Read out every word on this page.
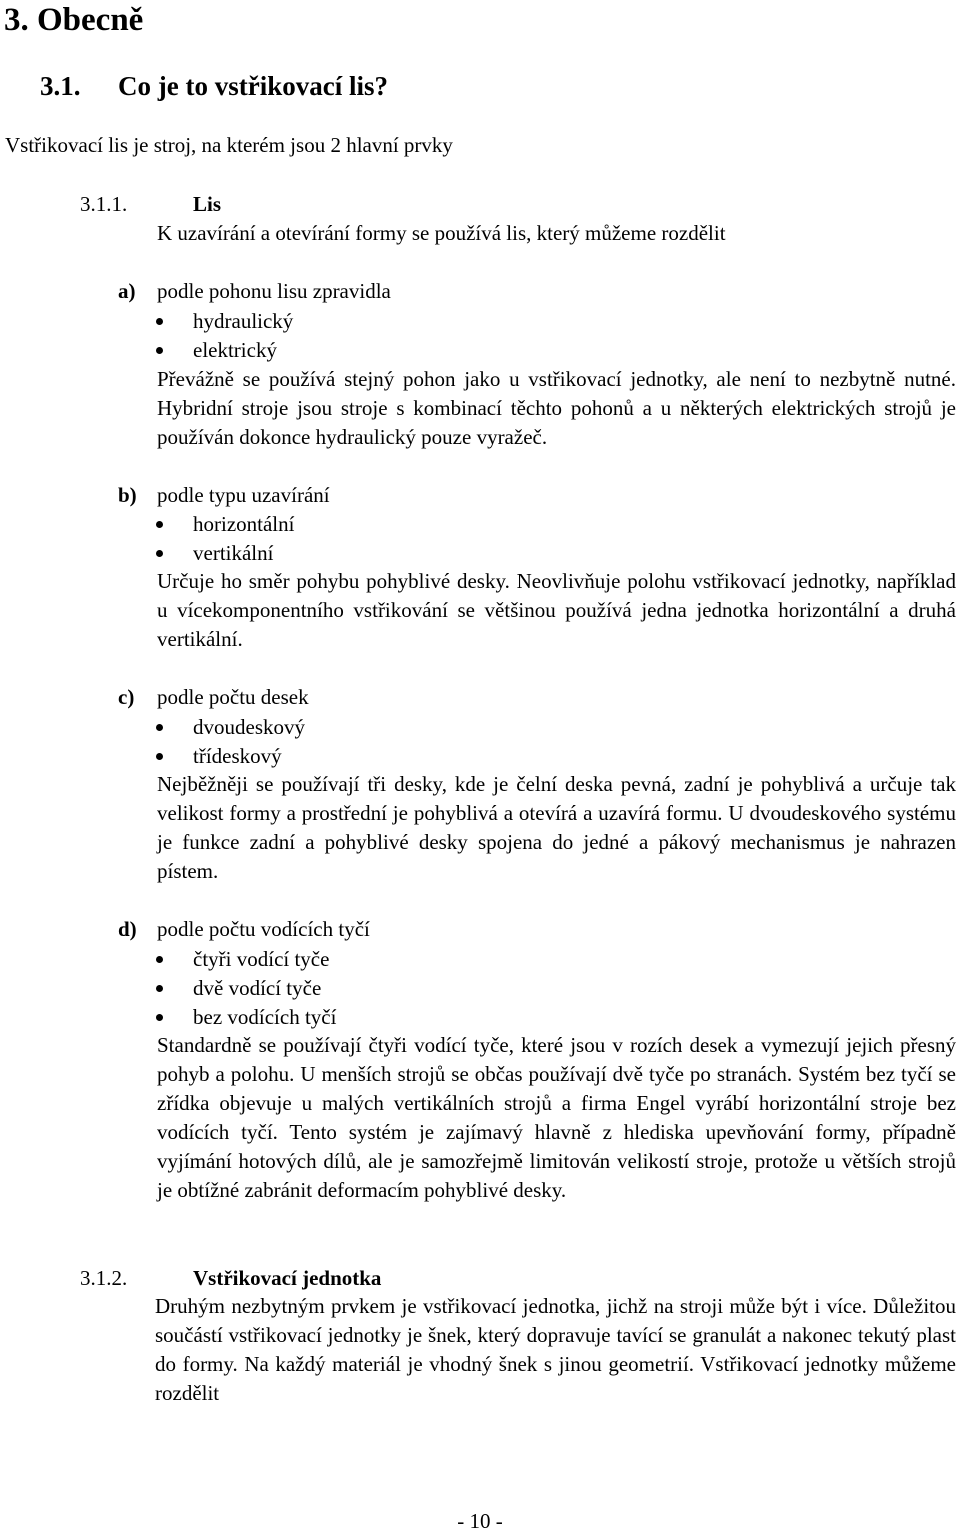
3. Obecně
3.1. Co je to vstřikovací lis?
Vstřikovací lis je stroj, na kterém jsou 2 hlavní prvky
3.1.1.	Lis
K uzavírání a otevírání formy se používá lis, který můžeme rozdělit
a) podle pohonu lisu zpravidla
hydraulický
elektrický
Převážně se používá stejný pohon jako u vstřikovací jednotky, ale není to nezbytně nutné. Hybridní stroje jsou stroje s kombinací těchto pohonů a u některých elektrických strojů je používán dokonce hydraulický pouze vyražeč.
b) podle typu uzavírání
horizontální
vertikální
Určuje ho směr pohybu pohyblivé desky. Neovlivňuje polohu vstřikovací jednotky, například u vícekomponentního vstřikování se většinou používá jedna jednotka horizontální a druhá vertikální.
c) podle počtu desek
dvoudeskový
třídeskový
Nejběžněji se používají tři desky, kde je čelní deska pevná, zadní je pohyblivá a určuje tak velikost formy a prostřední je pohyblivá a otevírá a uzavírá formu. U dvoudeskového systému je funkce zadní a pohyblivé desky spojena do jedné a pákový mechanismus je nahrazen pístem.
d) podle počtu vodících tyčí
čtyři vodící tyče
dvě vodící tyče
bez vodících tyčí
Standardně se používají čtyři vodící tyče, které jsou v rozích desek a vymezují jejich přesný pohyb a polohu. U menších strojů se občas používají dvě tyče po stranách. Systém bez tyčí se zřídka objevuje u malých vertikálních strojů a firma Engel vyrábí horizontální stroje bez vodících tyčí. Tento systém je zajímavý hlavně z hlediska upevňování formy, případně vyjímání hotových dílů, ale je samozřejmě limitován velikostí stroje, protože u větších strojů je obtížné zabránit deformacím pohyblivé desky.
3.1.2.	Vstřikovací jednotka
Druhým nezbytným prvkem je vstřikovací jednotka, jichž na stroji může být i více. Důležitou součástí vstřikovací jednotky je šnek, který dopravuje tavící se granulát a nakonec tekutý plast do formy. Na každý materiál je vhodný šnek s jinou geometrií. Vstřikovací jednotky můžeme rozdělit
- 10 -
